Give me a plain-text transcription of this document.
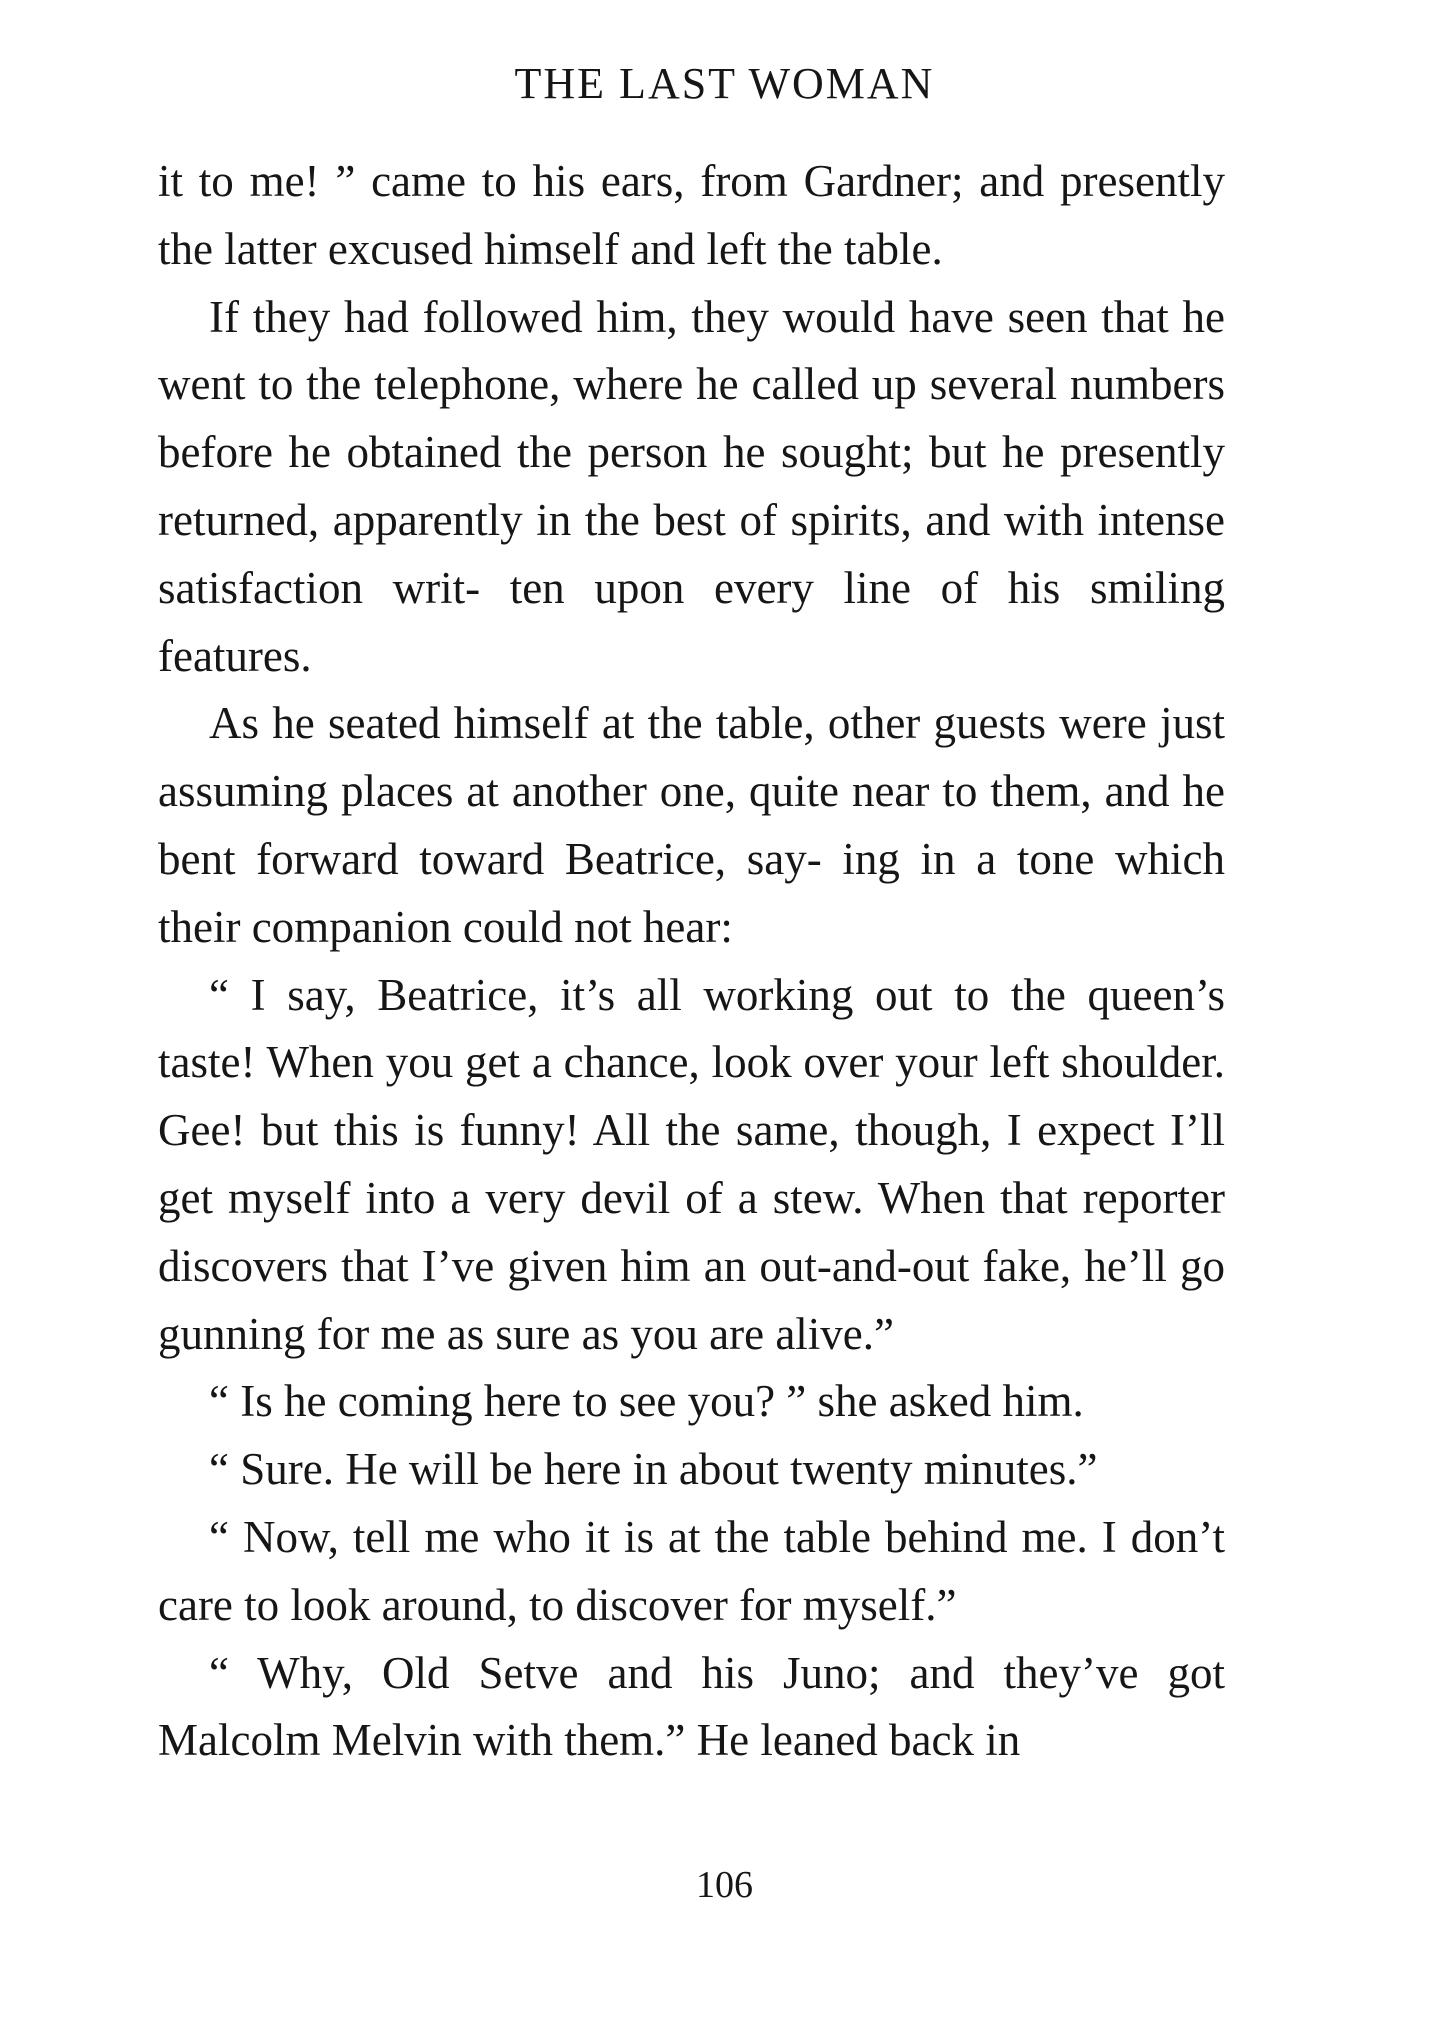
THE LAST WOMAN

it to me! ” came to his ears, from Gardner; and presently the latter excused himself and left the table.

If they had followed him, they would have seen that he went to the telephone, where he called up several numbers before he obtained the person he sought; but he presently returned, apparently in the best of spirits, and with intense satisfaction writ- ten upon every line of his smiling features.

As he seated himself at the table, other guests were just assuming places at another one, quite near to them, and he bent forward toward Beatrice, say- ing in a tone which their companion could not hear:

“ I say, Beatrice, it’s all working out to the queen’s taste! When you get a chance, look over your left shoulder. Gee! but this is funny! All the same, though, I expect I’ll get myself into a very devil of a stew. When that reporter discovers that I’ve given him an out-and-out fake, he’ll go gunning for me as sure as you are alive.”

“ Is he coming here to see you? ” she asked him.

“ Sure. He will be here in about twenty minutes.”

“ Now, tell me who it is at the table behind me. I don’t care to look around, to discover for myself.”

“ Why, Old Setve and his Juno; and they’ve got Malcolm Melvin with them.” He leaned back in

106
